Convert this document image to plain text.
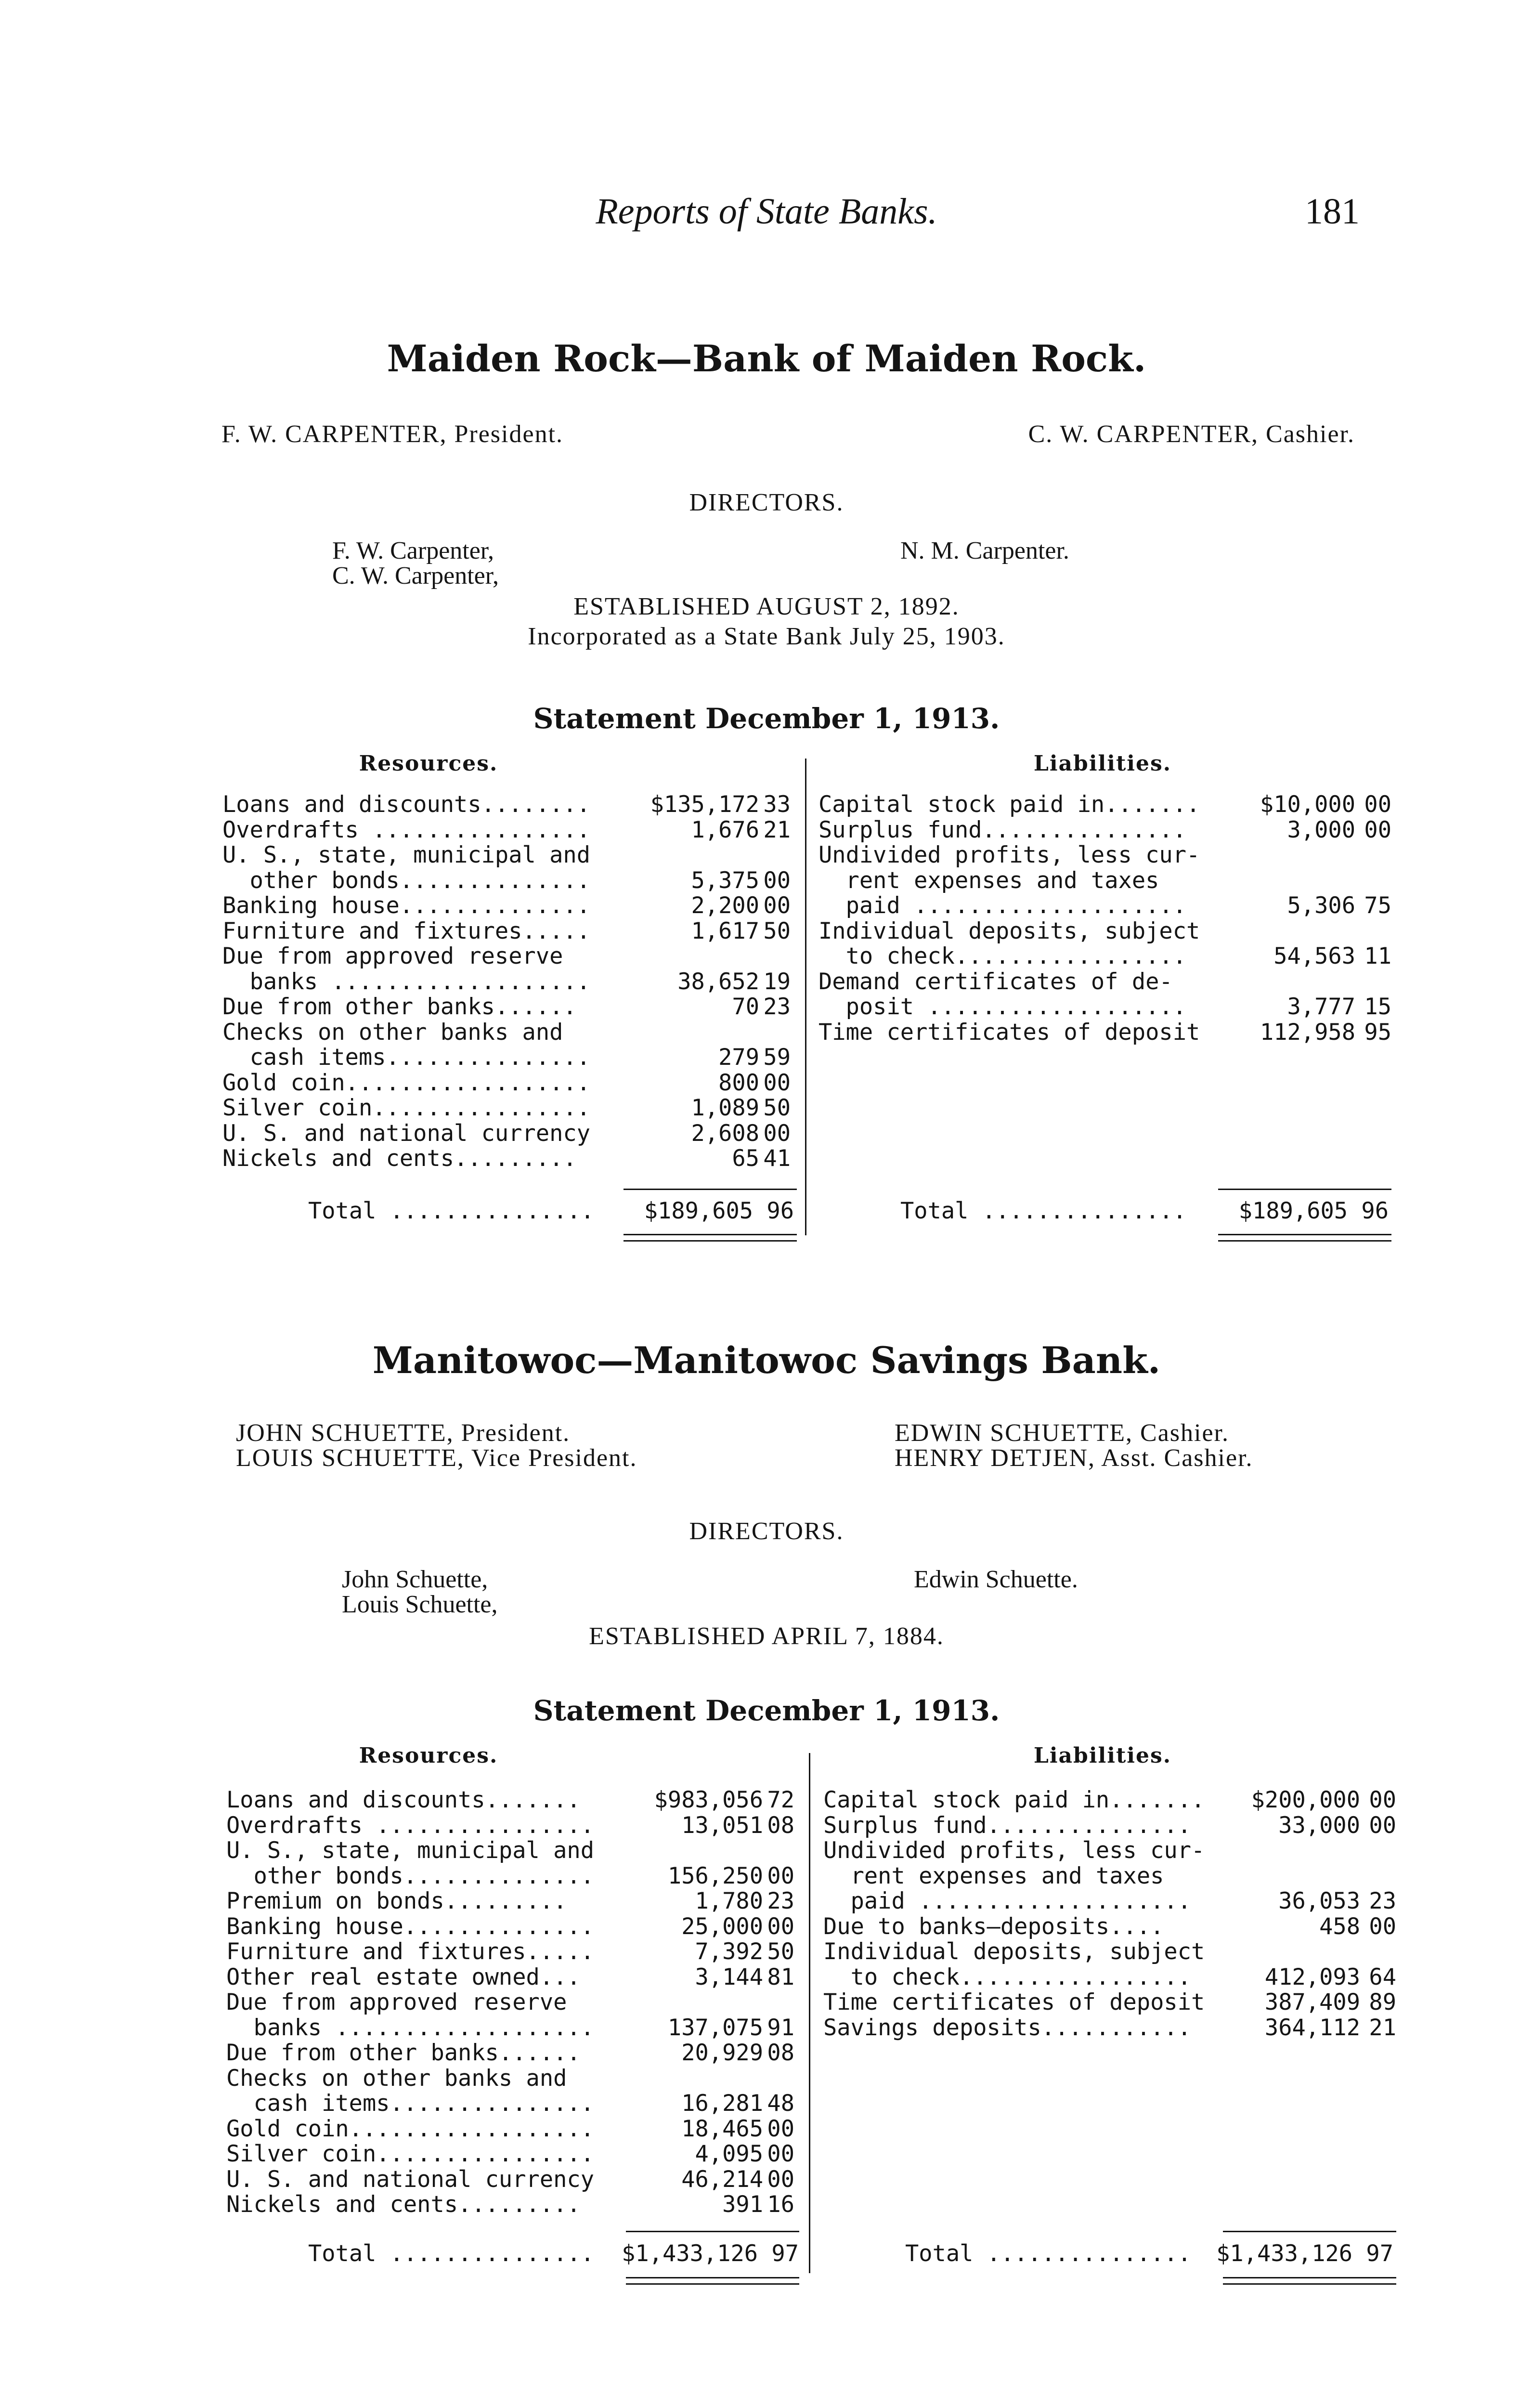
Reports of State Banks.	181
Maiden Rock—Bank of Maiden Rock.
F. W. CARPENTER, President.	C. W. CARPENTER, Cashier.
DIRECTORS.
F. W. Carpenter,
C. W. Carpenter,
N. M. Carpenter.
ESTABLISHED AUGUST 2, 1892.
Incorporated as a State Bank July 25, 1903.
Statement December 1, 1913.
Resources.	Liabilities.
Loans and discounts........	$135,172 33
Overdrafts ................	1,676 21
U. S., state, municipal and
other bonds..............	5,375 00
Banking house..............	2,200 00
Furniture and fixtures.....	1,617 50
Due from approved reserve
banks ...................	38,652 19
Due from other banks......	70 23
Checks on other banks and
cash items...............	279 59
Gold coin..................	800 00
Silver coin................	1,089 50
U. S. and national currency	2,608 00
Nickels and cents.........	65 41
Capital stock paid in.......	$10,000 00
Surplus fund...............	3,000 00
Undivided profits, less cur-
rent expenses and taxes
paid ....................	5,306 75
Individual deposits, subject
to check.................	54,563 11
Demand certificates of de-
posit ...................	3,777 15
Time certificates of deposit	112,958 95
Total ............... $189,605 96	Total ............... $189,605 96
Manitowoc—Manitowoc Savings Bank.
JOHN SCHUETTE, President.
LOUIS SCHUETTE, Vice President.
EDWIN SCHUETTE, Cashier.
HENRY DETJEN, Asst. Cashier.
DIRECTORS.
John Schuette,
Louis Schuette,
Edwin Schuette.
ESTABLISHED APRIL 7, 1884.
Statement December 1, 1913.
Resources.	Liabilities.
Loans and discounts.......	$983,056 72
Overdrafts ................	13,051 08
U. S., state, municipal and
other bonds..............	156,250 00
Premium on bonds.........	1,780 23
Banking house..............	25,000 00
Furniture and fixtures.....	7,392 50
Other real estate owned...	3,144 81
Due from approved reserve
banks ...................	137,075 91
Due from other banks......	20,929 08
Checks on other banks and
cash items...............	16,281 48
Gold coin..................	18,465 00
Silver coin................	4,095 00
U. S. and national currency	46,214 00
Nickels and cents.........	391 16
Capital stock paid in....... $200,000 00
Surplus fund...............	33,000 00
Undivided profits, less cur-
rent expenses and taxes
paid ....................	36,053 23
Due to banks—deposits....	458 00
Individual deposits, subject
to check.................	412,093 64
Time certificates of deposit	387,409 89
Savings deposits...........	364,112 21
Total ............... $1,433,126 97	Total ............... $1,433,126 97
